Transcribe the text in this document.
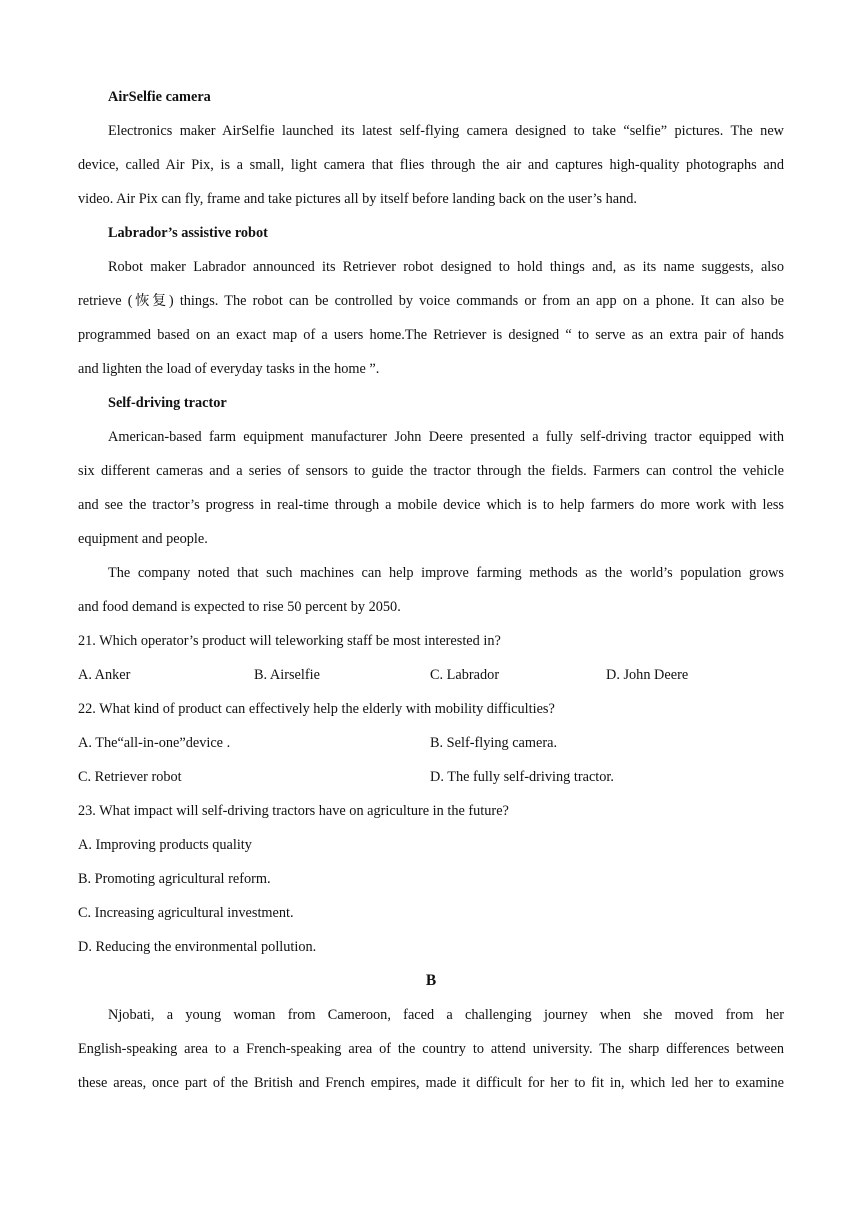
AirSelfie camera
Electronics maker AirSelfie launched its latest self-flying camera designed to take “selfie” pictures. The new
device, called Air Pix, is a small, light camera that flies through the air and captures high-quality photographs and
video. Air Pix can fly, frame and take pictures all by itself before landing back on the user’s hand.
Labrador’s assistive robot
Robot maker Labrador announced its Retriever robot designed to hold things and, as its name suggests, also
retrieve (恢复) things. The robot can be controlled by voice commands or from an app on a phone. It can also be
programmed based on an exact map of a users home.The Retriever is designed “ to serve as an extra pair of hands
and lighten the load of everyday tasks in the home ”.
Self-driving tractor
American-based farm equipment manufacturer John Deere presented a fully self-driving tractor equipped with
six different cameras and a series of sensors to guide the tractor through the fields. Farmers can control the vehicle
and see the tractor’s progress in real-time through a mobile device which is to help farmers do more work with less
equipment and people.
The company noted that such machines can help improve farming methods as the world’s population grows
and food demand is expected to rise 50 percent by 2050.
21. Which operator’s product will teleworking staff be most interested in?
A. Anker	B. Airselfie	C. Labrador	D. John Deere
22. What kind of product can effectively help the elderly with mobility difficulties?
A. The“all-in-one”device .	B. Self-flying camera.
C. Retriever robot	D. The fully self-driving tractor.
23. What impact will self-driving tractors have on agriculture in the future?
A. Improving products quality
B. Promoting agricultural reform.
C. Increasing agricultural investment.
D. Reducing the environmental pollution.
B
Njobati, a young woman from Cameroon, faced a challenging journey when she moved from her
English-speaking area to a French-speaking area of the country to attend university. The sharp differences between
these areas, once part of the British and French empires, made it difficult for her to fit in, which led her to examine
